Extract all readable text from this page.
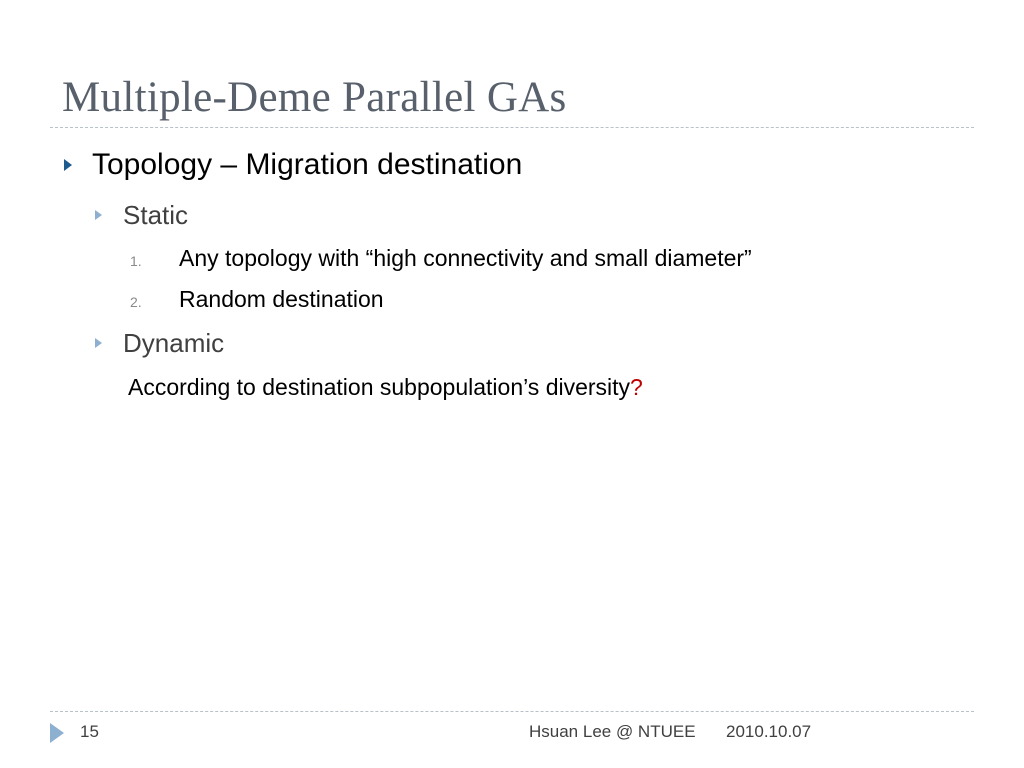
Multiple-Deme Parallel GAs
Topology – Migration destination
Static
1. Any topology with “high connectivity and small diameter”
2. Random destination
Dynamic
According to destination subpopulation’s diversity?
15	Hsuan Lee @ NTUEE 2010.10.07
